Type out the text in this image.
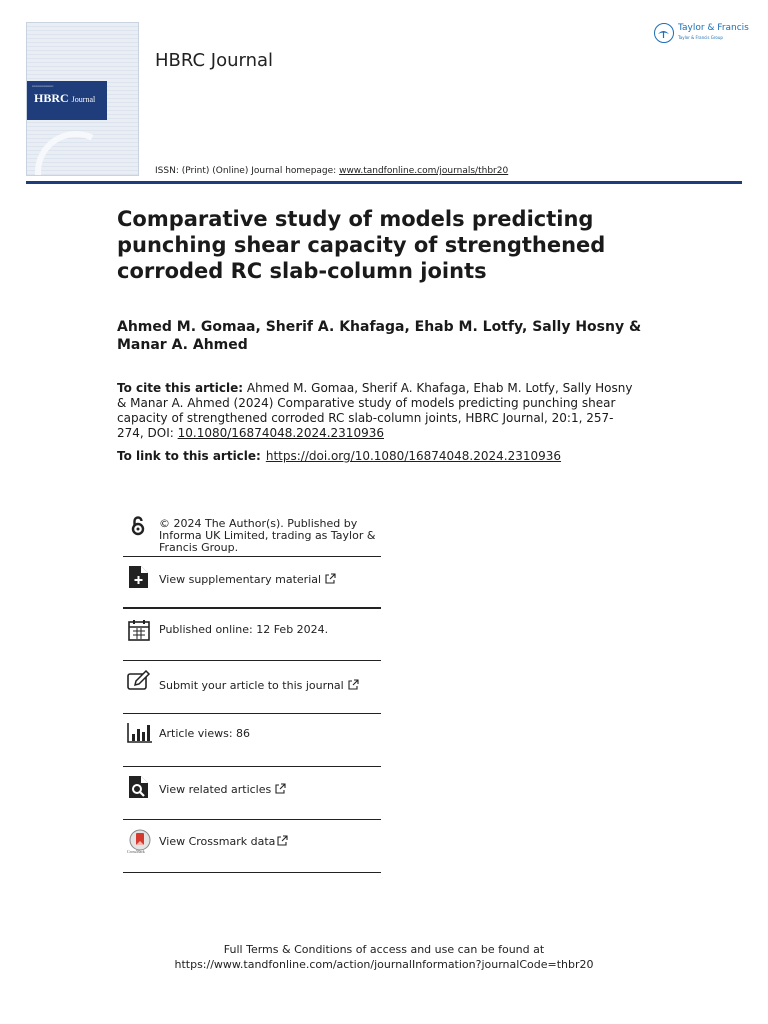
▪▪▪▪▪▪▪▪▪▪▪▪▪▪▪▪▪▪▪▪
HBRC Journal
HBRC Journal
ISSN: (Print) (Online) Journal homepage: www.tandfonline.com/journals/thbr20
Taylor & Francis
Taylor & Francis Group
Comparative study of models predicting punching shear capacity of strengthened corroded RC slab-column joints
Ahmed M. Gomaa, Sherif A. Khafaga, Ehab M. Lotfy, Sally Hosny & Manar A. Ahmed
To cite this article: Ahmed M. Gomaa, Sherif A. Khafaga, Ehab M. Lotfy, Sally Hosny & Manar A. Ahmed (2024) Comparative study of models predicting punching shear capacity of strengthened corroded RC slab-column joints, HBRC Journal, 20:1, 257-274, DOI: 10.1080/16874048.2024.2310936
To link to this article: https://doi.org/10.1080/16874048.2024.2310936
© 2024 The Author(s). Published by Informa UK Limited, trading as Taylor & Francis Group.
View supplementary material
Published online: 12 Feb 2024.
Submit your article to this journal
Article views: 86
View related articles
CrossMark
View Crossmark data
Full Terms & Conditions of access and use can be found at
https://www.tandfonline.com/action/journalInformation?journalCode=thbr20
